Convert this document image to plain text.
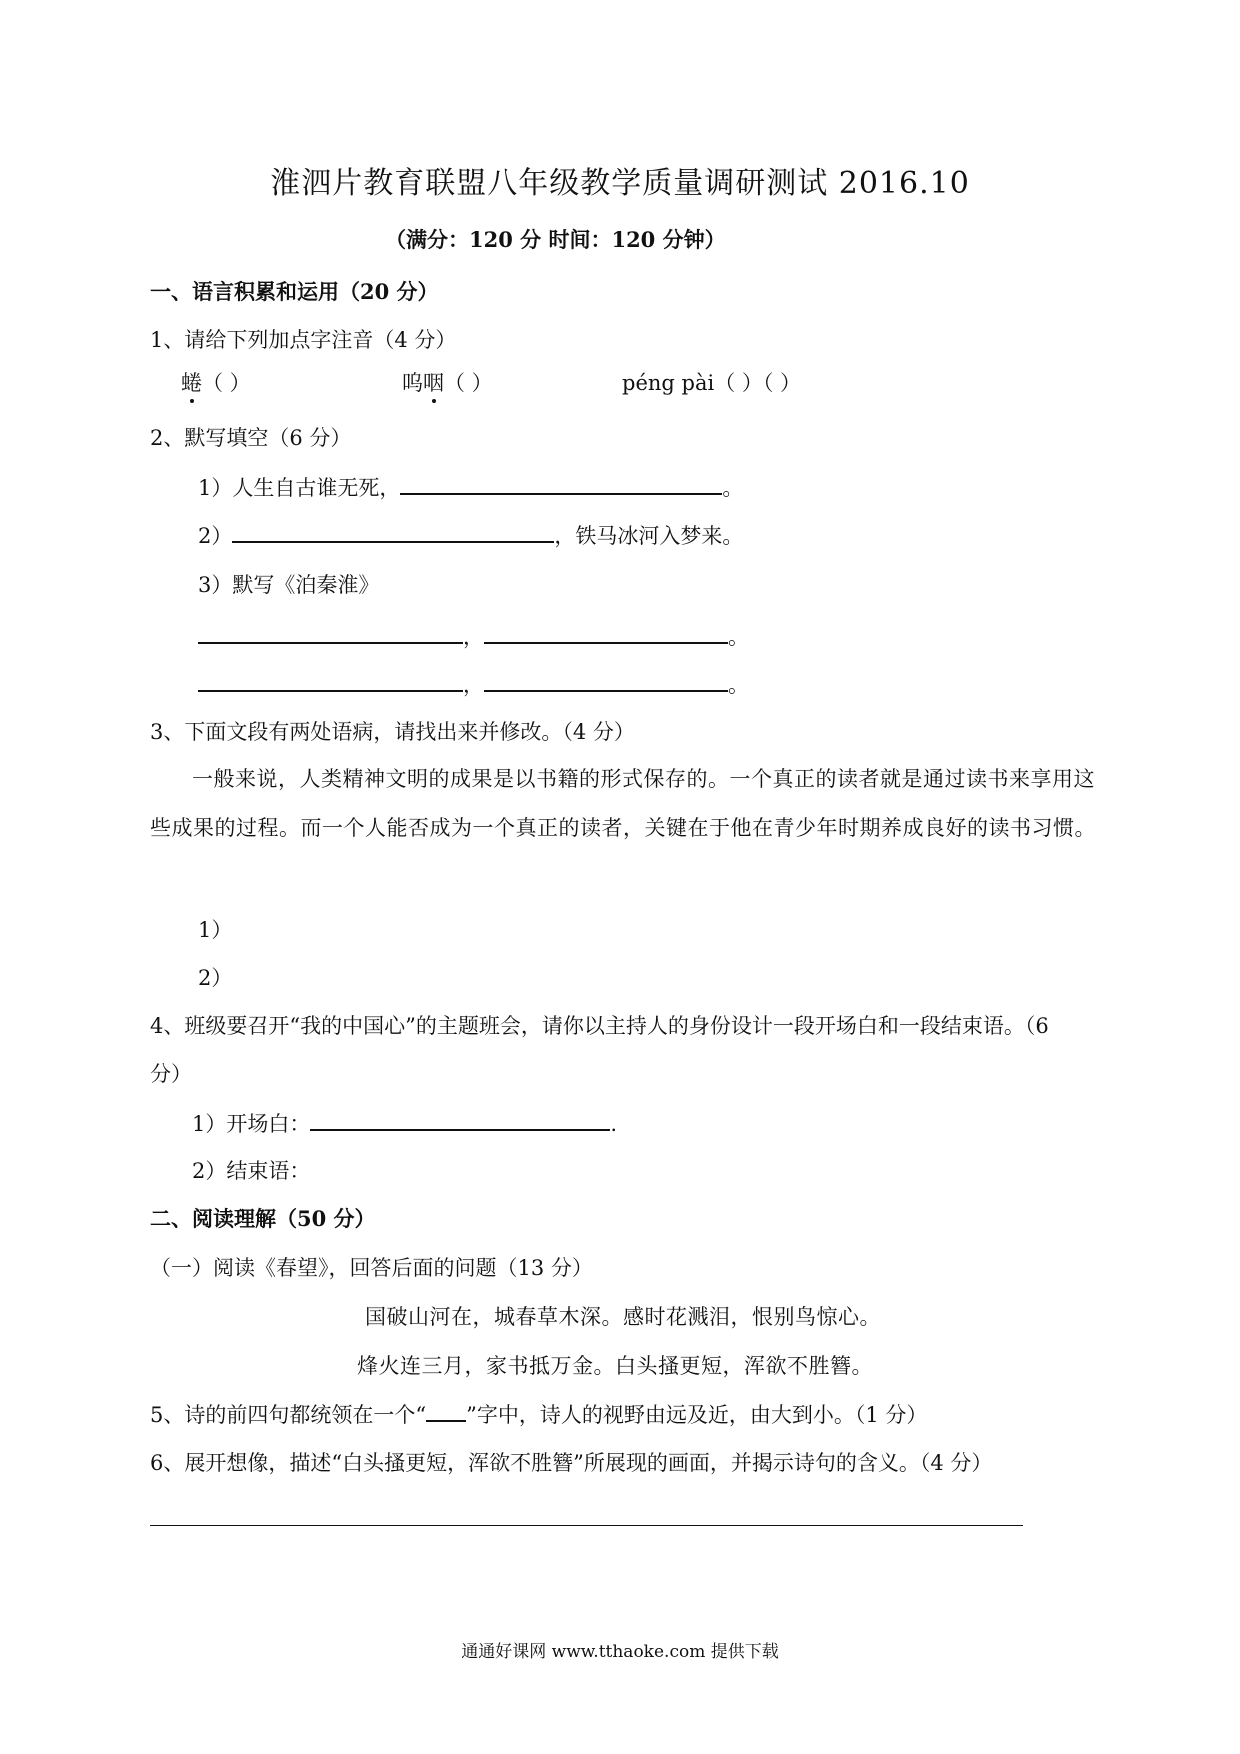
淮泗片教育联盟八年级教学质量调研测试 2016.10
（满分：120 分 时间：120 分钟）
一、语言积累和运用（20 分）
1、请给下列加点字注音（4 分）
蜷（ ）	呜咽（ ）	péng pài（ ）（ ）
2、默写填空（6 分）
1）人生自古谁无死，	。
2）	，铁马冰河入梦来。
3）默写《泊秦淮》
，	。
，	。
3、下面文段有两处语病，请找出来并修改。（4 分）
一般来说，人类精神文明的成果是以书籍的形式保存的。一个真正的读者就是通过读书来享用这些成果的过程。而一个人能否成为一个真正的读者，关键在于他在青少年时期养成良好的读书习惯。
1）
2）
4、班级要召开“我的中国心”的主题班会，请你以主持人的身份设计一段开场白和一段结束语。（6
分）
1）开场白：	.
2）结束语：
二、阅读理解（50 分）
（一）阅读《春望》，回答后面的问题（13 分）
国破山河在，城春草木深。感时花溅泪，恨别鸟惊心。
烽火连三月，家书抵万金。白头搔更短，浑欲不胜簪。
5、诗的前四句都统领在一个“ ”字中，诗人的视野由远及近，由大到小。（1 分）
6、展开想像，描述“白头搔更短，浑欲不胜簪”所展现的画面，并揭示诗句的含义。（4 分）
通通好课网 www.tthaoke.com 提供下载
